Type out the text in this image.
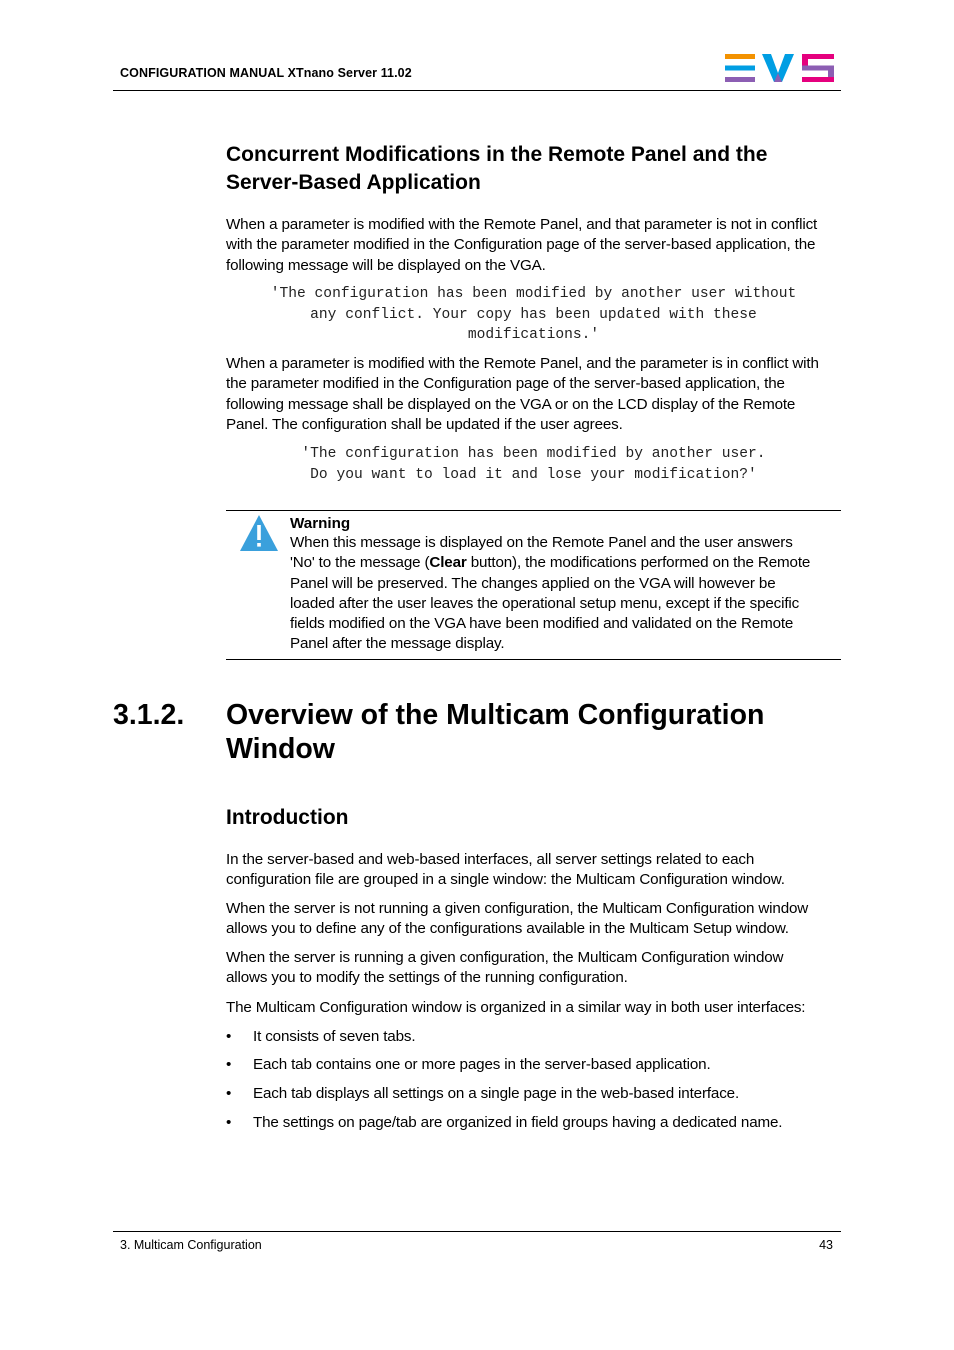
CONFIGURATION MANUAL XTnano Server 11.02
Concurrent Modifications in the Remote Panel and the
Server-Based Application
When a parameter is modified with the Remote Panel, and that parameter is not in conflict
with the parameter modified in the Configuration page of the server-based application, the
following message will be displayed on the VGA.
'The configuration has been modified by another user without
any conflict. Your copy has been updated with these
modifications.'
When a parameter is modified with the Remote Panel, and the parameter is in conflict with
the parameter modified in the Configuration page of the server-based application, the
following message shall be displayed on the VGA or on the LCD display of the Remote
Panel. The configuration shall be updated if the user agrees.
'The configuration has been modified by another user.
Do you want to load it and lose your modification?'
Warning
When this message is displayed on the Remote Panel and the user answers
'No' to the message (Clear button), the modifications performed on the Remote
Panel will be preserved. The changes applied on the VGA will however be
loaded after the user leaves the operational setup menu, except if the specific
fields modified on the VGA have been modified and validated on the Remote
Panel after the message display.
3.1.2. Overview of the Multicam Configuration
Window
Introduction
In the server-based and web-based interfaces, all server settings related to each
configuration file are grouped in a single window: the Multicam Configuration window.
When the server is not running a given configuration, the Multicam Configuration window
allows you to define any of the configurations available in the Multicam Setup window.
When the server is running a given configuration, the Multicam Configuration window
allows you to modify the settings of the running configuration.
The Multicam Configuration window is organized in a similar way in both user interfaces:
• It consists of seven tabs.
• Each tab contains one or more pages in the server-based application.
• Each tab displays all settings on a single page in the web-based interface.
• The settings on page/tab are organized in field groups having a dedicated name.
3. Multicam Configuration	43
